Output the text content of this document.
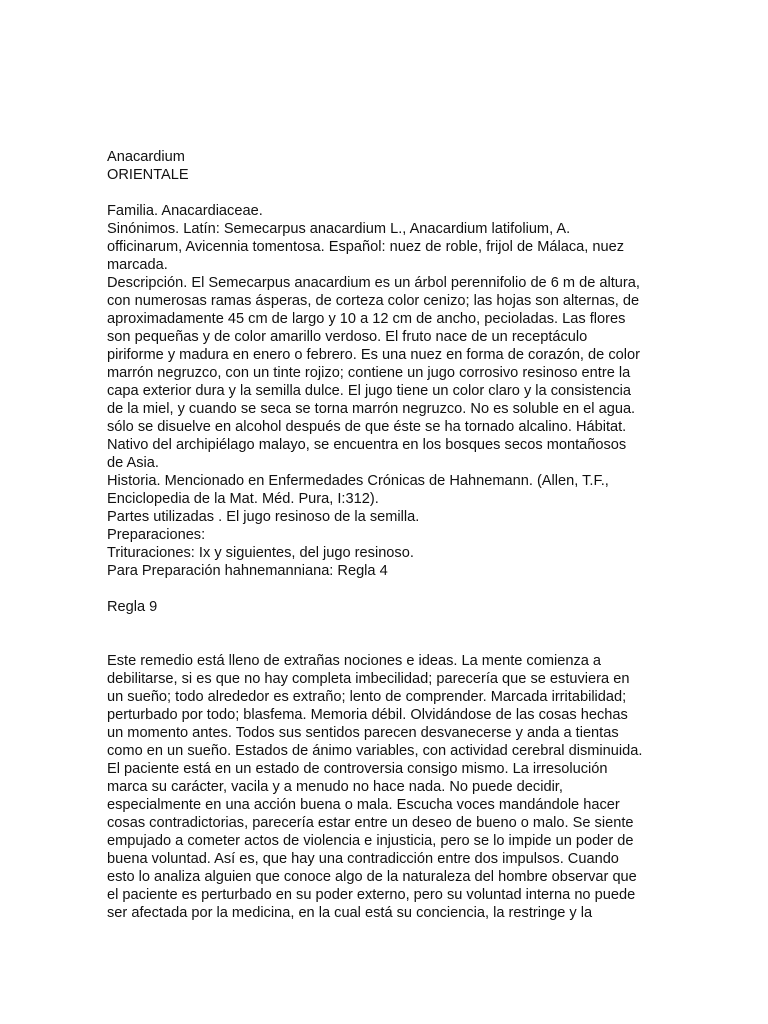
Anacardium
ORIENTALE
Familia. Anacardiaceae.
Sinónimos. Latín: Semecarpus anacardium L., Anacardium latifolium, A.
officinarum, Avicennia tomentosa. Español: nuez de roble, frijol de Málaca, nuez
marcada.
Descripción. El Semecarpus anacardium es un árbol perennifolio de 6 m de altura,
con numerosas ramas ásperas, de corteza color cenizo; las hojas son alternas, de
aproximadamente 45 cm de largo y 10 a 12 cm de ancho, pecioladas. Las flores
son pequeñas y de color amarillo verdoso. El fruto nace de un receptáculo
piriforme y madura en enero o febrero. Es una nuez en forma de corazón, de color
marrón negruzco, con un tinte rojizo; contiene un jugo corrosivo resinoso entre la
capa exterior dura y la semilla dulce. El jugo tiene un color claro y la consistencia
de la miel, y cuando se seca se torna marrón negruzco. No es soluble en el agua.
sólo se disuelve en alcohol después de que éste se ha tornado alcalino. Hábitat.
Nativo del archipiélago malayo, se encuentra en los bosques secos montañosos
de Asia.
Historia. Mencionado en Enfermedades Crónicas de Hahnemann. (Allen, T.F.,
Enciclopedia de la Mat. Méd. Pura, I:312).
Partes utilizadas . El jugo resinoso de la semilla.
Preparaciones:
Trituraciones: Ix y siguientes, del jugo resinoso.
Para Preparación hahnemanniana: Regla 4
Regla 9
Este remedio está lleno de extrañas nociones e ideas. La mente comienza a
debilitarse, si es que no hay completa imbecilidad; parecería que se estuviera en
un sueño; todo alrededor es extraño; lento de comprender. Marcada irritabilidad;
perturbado por todo; blasfema. Memoria débil. Olvidándose de las cosas hechas
un momento antes. Todos sus sentidos parecen desvanecerse y anda a tientas
como en un sueño. Estados de ánimo variables, con actividad cerebral disminuida.
El paciente está en un estado de controversia consigo mismo. La irresolución
marca su carácter, vacila y a menudo no hace nada. No puede decidir,
especialmente en una acción buena o mala. Escucha voces mandándole hacer
cosas contradictorias, parecería estar entre un deseo de bueno o malo. Se siente
empujado a cometer actos de violencia e injusticia, pero se lo impide un poder de
buena voluntad. Así es, que hay una contradicción entre dos impulsos. Cuando
esto lo analiza alguien que conoce algo de la naturaleza del hombre observar que
el paciente es perturbado en su poder externo, pero su voluntad interna no puede
ser afectada por la medicina, en la cual está su conciencia, la restringe y la
